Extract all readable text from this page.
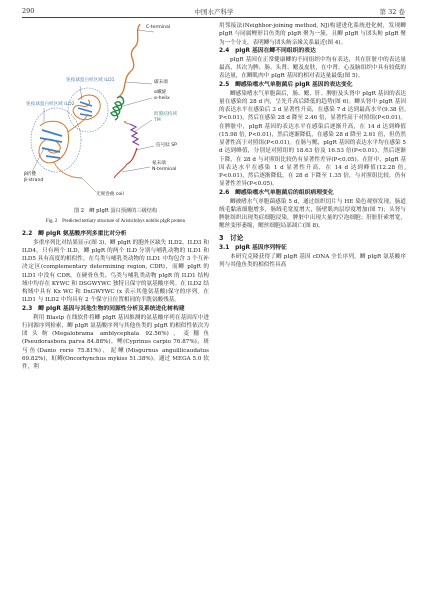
290	中国水产科学	第 32 卷
C-terminal
碳末端
α螺旋
α-helix
免疫球蛋白样区域 ILD1
跨膜结构域
TM
免疫球蛋白样区域 ILD2
信号肽 SP
氨末端
N-terminal
β折叠
β-strand
无规卷曲 coil
图 2　鲫 pIgR 蛋白预测的三级结构
Fig. 2　Predicted tertiary structure of Aristichthys nobilis pIgR protein
2.2　鲫 pIgR 氨基酸序列多重比对分析

多重序列比对结果显示(图 3)，鲫 pIgR 的胞外区缺失 ILD2、ILD3 和 ILD4，只有两个 ILD，鲫 pIgR 的两个 ILD 分别与哺乳动物的 ILD1 和 ILD5 具有高度的相似性。在鸟类与哺乳类动物的 ILD1 中均包含 3 个互补决定区(complementary determining region, CDR)，而鲫 pIgR 的 ILD1 中没有 CDR。在硬骨鱼类、鸟类与哺乳类动物 pIgR 的 ILD1 结构域中均存在 KYWC 和 DSGWYWC 独特且保守的氨基酸序列。在 ILD2 结构域中具有 Kx WC 和 DxGWYWC (x 表示其他氨基酸)保守的序列。在 ILD1 与 ILD2 中均具有 2 个保守且位置相同的半胱氨酸残基。

2.3　鲫 pIgR 基因与其他生物的同源性分析及系统进化树构建

利用 Blastp 在线软件将鲫 pIgR 基因推测的氨基酸序列在基因库中进行同源序列检索，鲫 pIgR 氨基酸序列与其他鱼类的 pIgR 的相似性依次为团头鲂(Megalobrama amblycephala 92.56%)，麦穗鱼(Pseudorasbora parva 84.88%)，鲤(Cyprinus carpio 76.87%)，斑马鱼(Danio rerio 75.81%)，泥鳅(Misgurnus anguillicaudatus 69.82%)，虹鳟(Oncorhynchus mykiss 51.38%)。通过 MEGA 5.0 软件，利

用邻接法(Neighbor-joining method, NJ)构建进化系统进化树，发现鲫 pIgR 与同属鲤形目鱼类的 pIgR 聚为一簇，且鲫 pIgR 与团头鲂 pIgR 聚为一个分支，表明鲫与团头鲂亲缘关系最近(图 4)。

2.4　pIgR 基因在鲫不同组织的表达

pIgR 基因在正常健康鲫的不同组织中均有表达，其在肝脏中的表达量最高，其次为脾、肠、头肾、鳃及皮肤，在中肾、心及脑组织中具有较低的表达量，在鲫肌肉中 pIgR 基因的相对表达量最低(图 5)。

2.5　鲫感染嗜水气单胞菌后 pIgR 基因的表达变化

鲫感染嗜水气单胞菌后，肠、鳃、肝、脾脏及头肾中 pIgR 基因的表达量在感染的 28 d 内，呈先升高后降低的趋势(图 6)。鲫头肾中 pIgR 基因的表达水平在感染后 3 d 显著性升高，在感染 7 d 达到最高水平(9.38 倍, P<0.01)，然后在感染 28 d 降至 2.46 倍，显著性高于对照组(P<0.01)。在脾脏中，pIgR 基因的表达水平在感染后逐渐升高，在 14 d 达到峰值(15.98 倍, P<0.01)，然后逐渐降低，在感染 28 d 降至 2.61 倍，但仍然显著性高于对照组(P<0.01)。在肠与鳃，pIgR 基因的表达水平均在感染 5 d 达到峰值，分别是对照组的 18.63 倍及 16.53 倍(P<0.01)，然后逐渐下降，在 28 d 与对照组比较仍有显著性差异(P<0.05)。在肝中，pIgR 基因表达水平在感染 1 d 显著性升高，在 14 d 达到峰值(12.28 倍, P<0.01)，然后逐渐降低，在 28 d 下降至 1.35 倍，与对照组比较，仍有显著性差异(P<0.05)。

2.6　鲫感染嗜水气单胞菌后的组织病理变化

鲫被嗜水气单胞菌感染 5 d，通过组织切片与 HE 染色观察发现，肠道绒毛黏液细胞增多，肠绒毛宽度增大，肠壁肌肉层厚度增加(图 7)；头肾与脾脏组织出现类症细胞浸染，脾脏中出现大量的空泡细胞；肝脏肝索增宽，鳃丝变形萎缩，鳃丝细胞局部凋亡(图 8)。

3　讨论
3.1　pIgR 基因序列特征

本研究克隆获得了鲫 pIgR 基因 cDNA 全长序列，鲫 pIgR 氨基酸序列与其他鱼类的相似性具高
